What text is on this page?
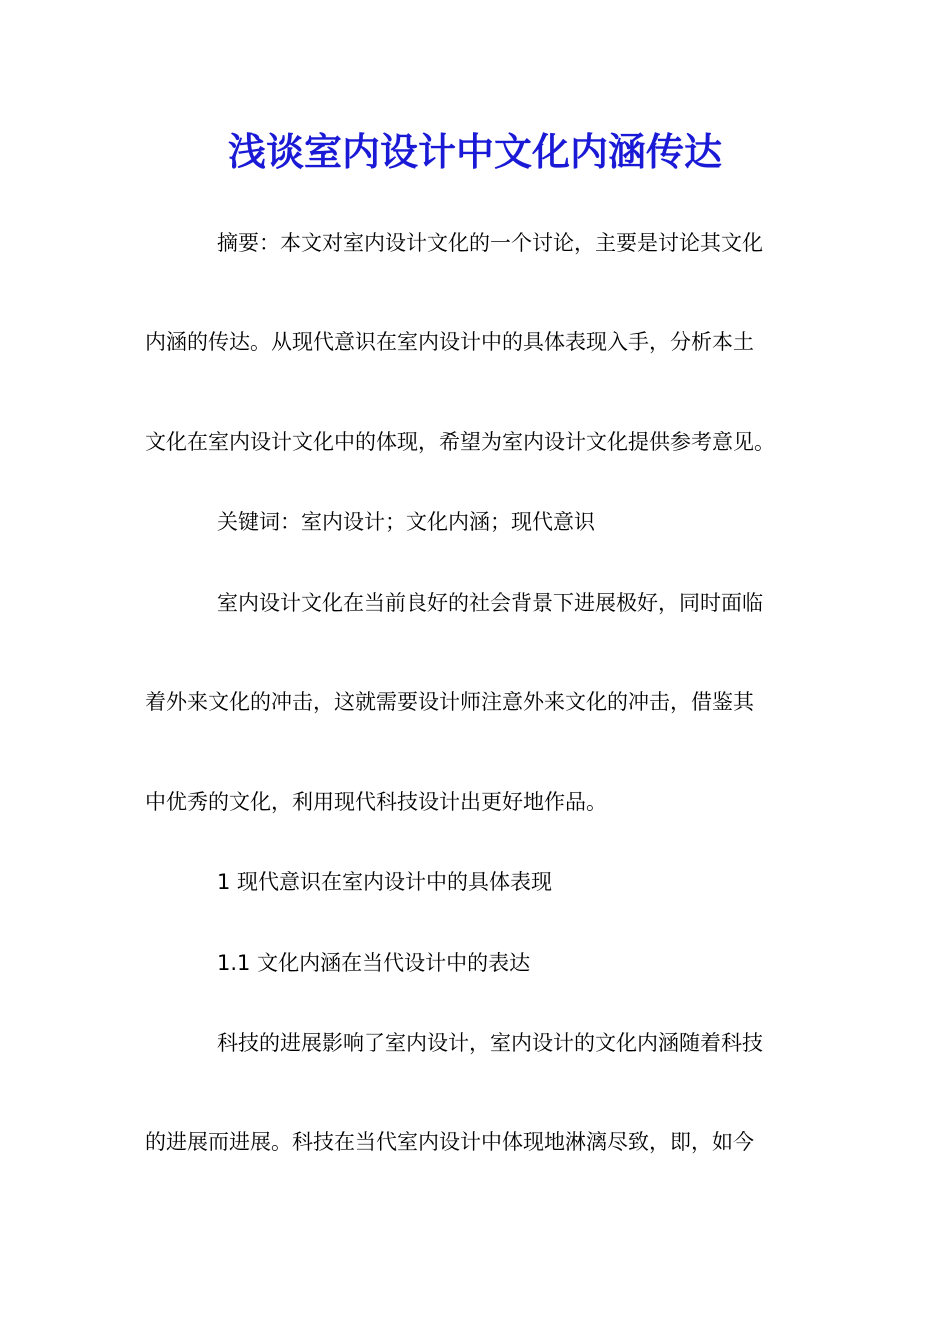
浅谈室内设计中文化内涵传达
摘要：本文对室内设计文化的一个讨论，主要是讨论其文化
内涵的传达。从现代意识在室内设计中的具体表现入手，分析本土
文化在室内设计文化中的体现，希望为室内设计文化提供参考意见。
关键词：室内设计；文化内涵；现代意识
室内设计文化在当前良好的社会背景下进展极好，同时面临
着外来文化的冲击，这就需要设计师注意外来文化的冲击，借鉴其
中优秀的文化，利用现代科技设计出更好地作品。
1 现代意识在室内设计中的具体表现
1.1 文化内涵在当代设计中的表达
科技的进展影响了室内设计，室内设计的文化内涵随着科技
的进展而进展。科技在当代室内设计中体现地淋漓尽致，即，如今
